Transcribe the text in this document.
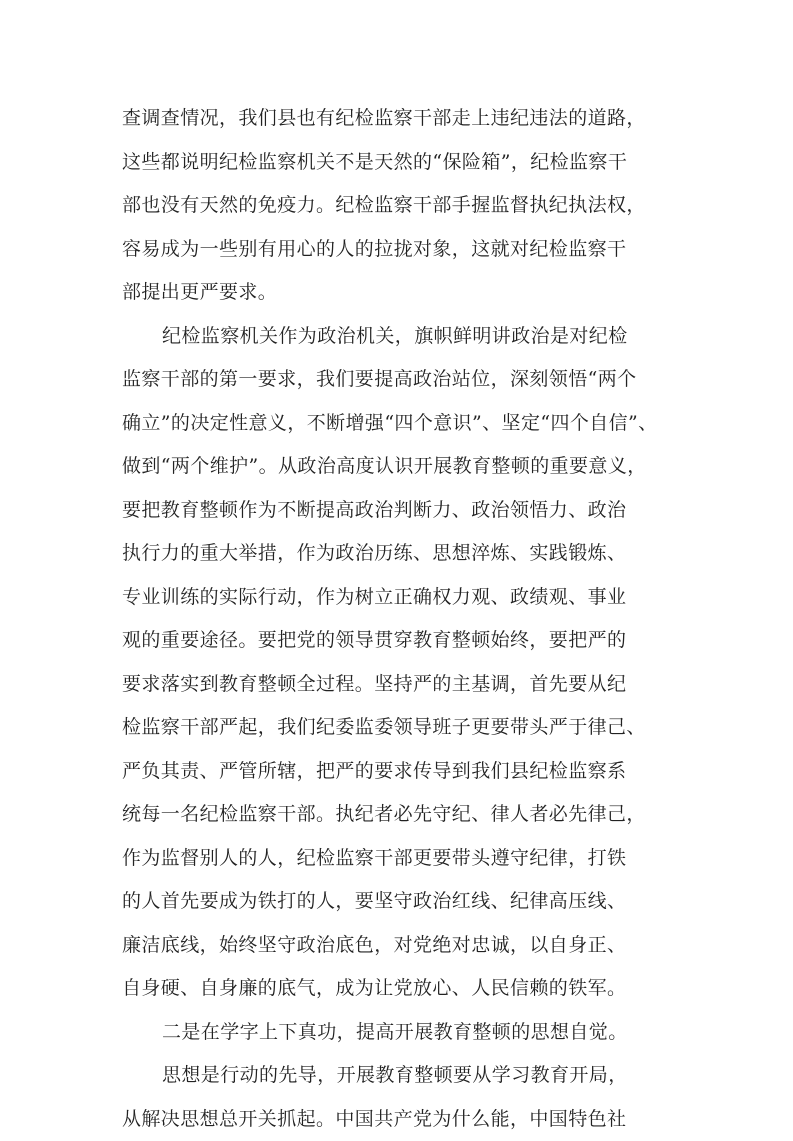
查调查情况，我们县也有纪检监察干部走上违纪违法的道路，
这些都说明纪检监察机关不是天然的“保险箱”，纪检监察干
部也没有天然的免疫力。纪检监察干部手握监督执纪执法权，
容易成为一些别有用心的人的拉拢对象，这就对纪检监察干
部提出更严要求。
纪检监察机关作为政治机关，旗帜鲜明讲政治是对纪检
监察干部的第一要求，我们要提高政治站位，深刻领悟“两个
确立”的决定性意义，不断增强“四个意识”、坚定“四个自信”、
做到“两个维护”。从政治高度认识开展教育整顿的重要意义，
要把教育整顿作为不断提高政治判断力、政治领悟力、政治
执行力的重大举措，作为政治历练、思想淬炼、实践锻炼、
专业训练的实际行动，作为树立正确权力观、政绩观、事业
观的重要途径。要把党的领导贯穿教育整顿始终，要把严的
要求落实到教育整顿全过程。坚持严的主基调，首先要从纪
检监察干部严起，我们纪委监委领导班子更要带头严于律己、
严负其责、严管所辖，把严的要求传导到我们县纪检监察系
统每一名纪检监察干部。执纪者必先守纪、律人者必先律己，
作为监督别人的人，纪检监察干部更要带头遵守纪律，打铁
的人首先要成为铁打的人，要坚守政治红线、纪律高压线、
廉洁底线，始终坚守政治底色，对党绝对忠诚，以自身正、
自身硬、自身廉的底气，成为让党放心、人民信赖的铁军。
二是在学字上下真功，提高开展教育整顿的思想自觉。
思想是行动的先导，开展教育整顿要从学习教育开局，
从解决思想总开关抓起。中国共产党为什么能，中国特色社
